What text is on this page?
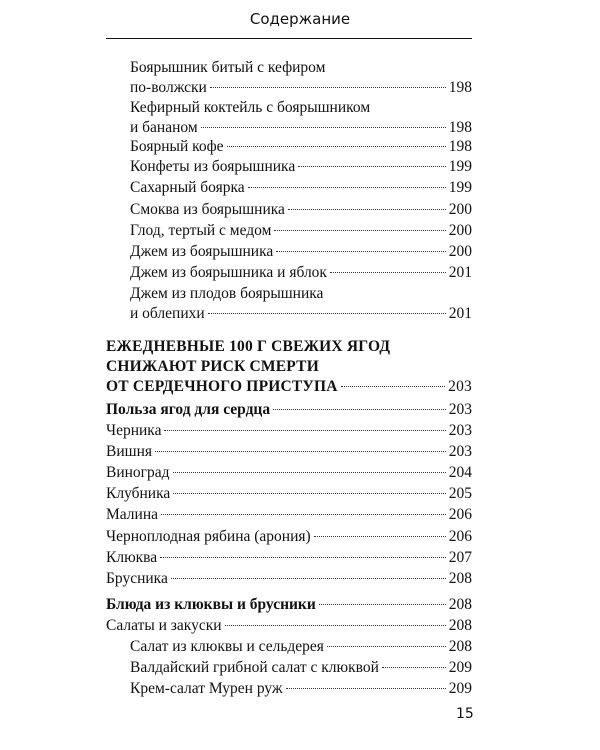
Содержание
Боярышник битый с кефиром
по-волжски	198
Кефирный коктейль с боярышником
и бананом	198
Боярный кофе	198
Конфеты из боярышника	199
Сахарный боярка	199
Смоква из боярышника	200
Глод, тертый с медом	200
Джем из боярышника	200
Джем из боярышника и яблок	201
Джем из плодов боярышника
и облепихи	201
ЕЖЕДНЕВНЫЕ 100 Г СВЕЖИХ ЯГОД
СНИЖАЮТ РИСК СМЕРТИ
ОТ СЕРДЕЧНОГО ПРИСТУПА	203
Польза ягод для сердца	203
Черника	203
Вишня	203
Виноград	204
Клубника	205
Малина	206
Черноплодная рябина (арония)	206
Клюква	207
Брусника	208
Блюда из клюквы и брусники	208
Салаты и закуски	208
Салат из клюквы и сельдерея	208
Валдайский грибной салат с клюквой	209
Крем-салат Мурен руж	209
15
